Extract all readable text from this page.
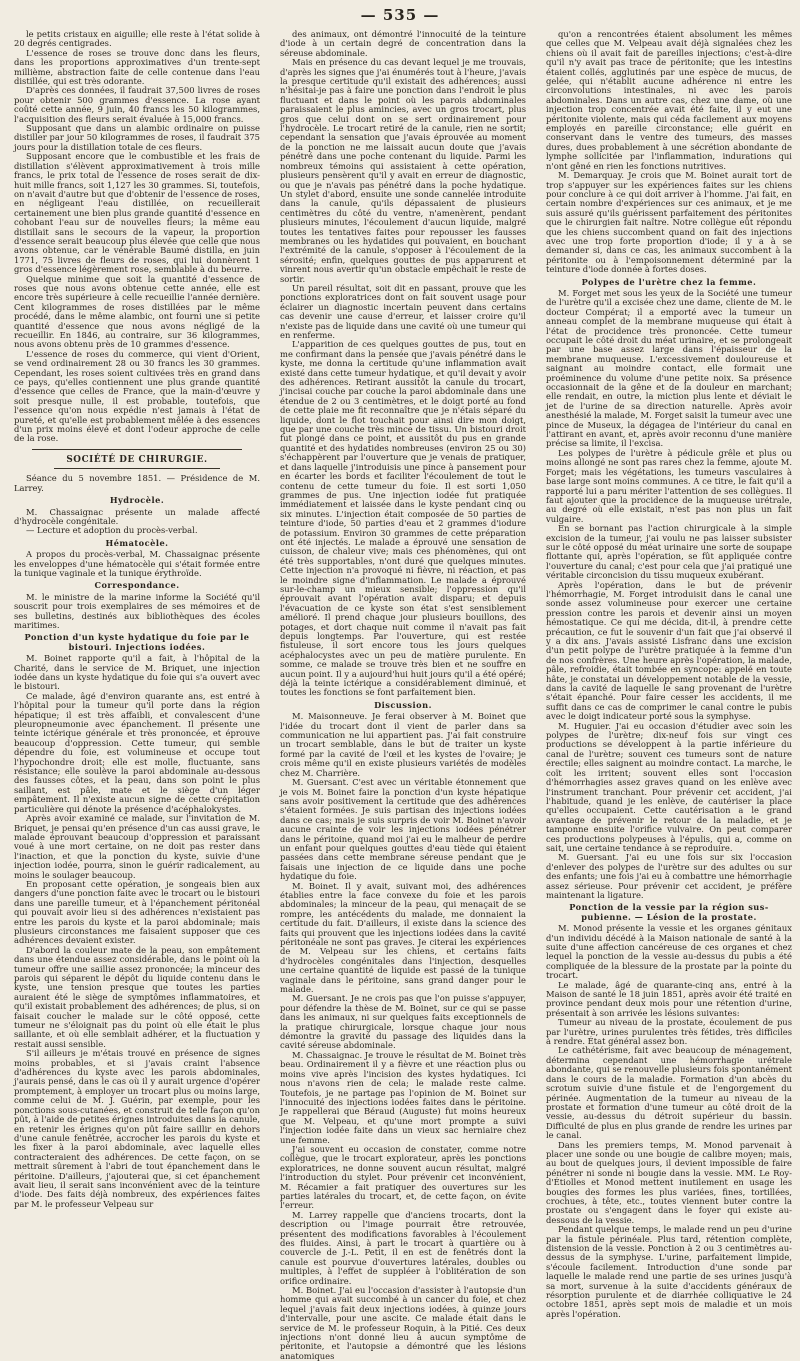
— 535 —

le petits cristaux en aiguille; elle reste à l'état solide à 20 degrés centigrades.

L'essence de roses se trouve donc dans les fleurs, dans les proportions approximatives d'un trente-sept millième, abstraction faite de celle contenue dans l'eau distillée, qui est très odorante.

D'après ces données, il faudrait 37,500 livres de roses pour obtenir 500 grammes d'essence. La rose ayant coûté cette année, 9 juin, 40 francs les 50 kilogrammes, l'acquisition des fleurs serait évaluée à 15,000 francs.

Supposant que dans un alambic ordinaire on puisse distiller par jour 50 kilogrammes de roses, il faudrait 375 jours pour la distillation totale de ces fleurs.

Supposant encore que le combustible et les frais de distillation s'élèvent approximativement à trois mille francs, le prix total de l'essence de roses serait de dix-huit mille francs, soit 1,127 les 30 grammes. Si, toutefois, on n'avait d'autre but que d'obtenir de l'essence de roses, en négligeant l'eau distillée, on recueillerait certainement une bien plus grande quantité d'essence en cohobant l'eau sur de nouvelles fleurs; la même eau distillait sans le secours de la vapeur, la proportion d'essence serait beaucoup plus élevée que celle que nous avons obtenue, car le vénérable Baumé distilla, en juin 1771, 75 livres de fleurs de roses, qui lui donnèrent 1 gros d'essence légèrement rose, semblable à du beurre.

Quelque minime que soit la quantité d'essence de roses que nous avons obtenue cette année, elle est encore très supérieure à celle recueillie l'année dernière. Cent kilogrammes de roses distillées par le même procédé, dans le même alambic, ont fourni une si petite quantité d'essence que nous avons négligé de la recueillir. En 1846, au contraire, sur 36 kilogrammes, nous avons obtenu près de 10 grammes d'essence.

L'essence de roses du commerce, qui vient d'Orient, se vend ordinairement 28 ou 30 francs les 30 grammes. Cependant, les roses soient cultivées très en grand dans ce pays, qu'elles contiennent une plus grande quantité d'essence que celles de France, que la main-d'œuvre y soit presque nulle, il est probable, toutefois, que l'essence qu'on nous expédie n'est jamais à l'état de pureté, et qu'elle est probablement mêlée à des essences d'un prix moins élevé et dont l'odeur approche de celle de la rose.

SOCIÉTÉ DE CHIRURGIE.

Séance du 5 novembre 1851. — Présidence de M. Larrey.

Hydrocèle.

M. Chassaignac présente un malade affecté d'hydrocèle congénitale.

— Lecture et adoption du procès-verbal.

Hématocèle.

A propos du procès-verbal, M. Chassaignac présente les enveloppes d'une hématocèle qui s'était formée entre la tunique vaginale et la tunique érythroïde.

Correspondance.

M. le ministre de la marine informe la Société qu'il souscrit pour trois exemplaires de ses mémoires et de ses bulletins, destinés aux bibliothèques des écoles maritimes.

Ponction d'un kyste hydatique du foie par le bistouri. Injections iodées.

M. Boinet rapporte qu'il a fait, à l'hôpital de la Charité, dans le service de M. Briquet, une injection iodée dans un kyste hydatique du foie qui s'a ouvert avec le bistouri.

Ce malade, âgé d'environ quarante ans, est entré à l'hôpital pour la tumeur qu'il porte dans la région hépatique; il est très affaibli, et convalescent d'une pleuropneumonie avec épanchement. Il présente une teinte ictérique générale et très prononcée, et éprouve beaucoup d'oppression. Cette tumeur, qui semble dépendre du foie, est volumineuse et occupe tout l'hypochondre droit; elle est molle, fluctuante, sans résistance; elle soulève la paroi abdominale au-dessous des fausses côtes, et la peau, dans son point le plus saillant, est pâle, mate et le siège d'un léger empâtement. Il n'existe aucun signe de cette crépitation particulière qui dénote la présence d'acéphalokystes.

Après avoir examiné ce malade, sur l'invitation de M. Briquet, je pensai qu'en présence d'un cas aussi grave, le malade éprouvant beaucoup d'oppression et paraissant voué à une mort certaine, on ne doit pas rester dans l'inaction, et que la ponction du kyste, suivie d'une injection iodée, pourra, sinon le guérir radicalement, au moins le soulager beaucoup.

En proposant cette opération, je songeais bien aux dangers d'une ponction faite avec le trocart ou le bistouri dans une pareille tumeur, et à l'épanchement péritonéal qui pouvait avoir lieu si des adhérences n'existaient pas entre les parois du kyste et la paroi abdominale; mais plusieurs circonstances me faisaient supposer que ces adhérences devaient exister.

D'abord la couleur mate de la peau, son empâtement dans une étendue assez considérable, dans le point où la tumeur offre une saillie assez prononcée; la minceur des parois qui séparent le dépôt du liquide contenu dans le kyste, une tension presque que toutes les parties auraient été le siège de symptômes inflammatoires, et qu'il existait probablement des adhérences; de plus, si on faisait coucher le malade sur le côté opposé, cette tumeur ne s'éloignait pas du point où elle était le plus saillante, et où elle semblait adhérer, et la fluctuation y restait aussi sensible.

S'il ailleurs je m'étais trouvé en présence de signes moins probables, et si j'avais craint l'absence d'adhérences du kyste avec les parois abdominales, j'aurais pensé, dans le cas où il y aurait urgence d'opérer promptement, à employer un trocart plus ou moins large, comme celui de M. J. Guérin, par exemple, pour les ponctions sous-cutanées, et construit de telle façon qu'on pût, à l'aide de petites érignes introduites dans la canule, en retenir les érignes qu'on pût faire saillir en dehors d'une canule fenêtrée, accrocher les parois du kyste et les fixer à la paroi abdominale, avec laquelle elles contracteraient des adhérences. De cette façon, on se mettrait sûrement à l'abri de tout épanchement dans le péritoine. D'ailleurs, j'ajouterai que, si cet épanchement avait lieu, il serait sans inconvénient avec de la teinture d'iode. Des faits déjà nombreux, des expériences faites par M. le professeur Velpeau sur

des animaux, ont démontré l'innocuité de la teinture d'iode à un certain degré de concentration dans la séreuse abdominale.

Mais en présence du cas devant lequel je me trouvais, d'après les signes que j'ai énumérés tout à l'heure, j'avais la presque certitude qu'il existait des adhérences; aussi n'hésitai-je pas à faire une ponction dans l'endroit le plus fluctuant et dans le point où les parois abdominales paraissaient le plus amincies, avec un gros trocart, plus gros que celui dont on se sert ordinairement pour l'hydrocèle. Le trocart retiré de la canule, rien ne sortit; cependant la sensation que j'avais éprouvée au moment de la ponction ne me laissait aucun doute que j'avais pénétré dans une poche contenant du liquide. Parmi les nombreux témoins qui assistaient à cette opération, plusieurs pensèrent qu'il y avait en erreur de diagnostic, ou que je n'avais pas pénétré dans la poche hydatique. Un stylet d'abord, ensuite une sonde cannelée introduite dans la canule, qu'ils dépassaient de plusieurs centimètres du côté du ventre, n'amenèrent, pendant plusieurs minutes, l'écoulement d'aucun liquide, malgré toutes les tentatives faites pour repousser les fausses membranes ou les hydatides qui pouvaient, en bouchant l'extrémité de la canule, s'opposer à l'écoulement de la sérosité; enfin, quelques gouttes de pus apparurent et vinrent nous avertir qu'un obstacle empêchait le reste de sortir.

Un pareil résultat, soit dit en passant, prouve que les ponctions exploratrices dont on fait souvent usage pour éclairer un diagnostic incertain peuvent dans certains cas devenir une cause d'erreur, et laisser croire qu'il n'existe pas de liquide dans une cavité où une tumeur qui en renferme.

L'apparition de ces quelques gouttes de pus, tout en me confirmant dans la pensée que j'avais pénétré dans le kyste, me donna la certitude qu'une inflammation avait existé dans cette tumeur hydatique, et qu'il devait y avoir des adhérences. Retirant aussitôt la canule du trocart, j'incisai couche par couche la paroi abdominale dans une étendue de 2 ou 3 centimètres, et le doigt porté au fond de cette plaie me fit reconnaître que je n'étais séparé du liquide, dont le flot touchait pour ainsi dire mon doigt, que par une couche très mince de tissu. Un bistouri droit fut plongé dans ce point, et aussitôt du pus en grande quantité et des hydatides nombreuses (environ 25 ou 30) s'échappèrent par l'ouverture que je venais de pratiquer, et dans laquelle j'introduisis une pince à pansement pour en écarter les bords et faciliter l'écoulement de tout le contenu de cette tumeur du foie. Il est sorti 1,050 grammes de pus. Une injection iodée fut pratiquée immédiatement et laissée dans le kyste pendant cinq ou six minutes. L'injection était composée de 50 parties de teinture d'iode, 50 parties d'eau et 2 grammes d'iodure de potassium. Environ 30 grammes de cette préparation ont été injectés. Le malade a éprouvé une sensation de cuisson, de chaleur vive; mais ces phénomènes, qui ont été très supportables, n'ont duré que quelques minutes. Cette injection n'a provoqué ni fièvre, ni réaction, et pas le moindre signe d'inflammation. Le malade a éprouvé sur-le-champ un mieux sensible; l'oppression qu'il éprouvait avant l'opération avait disparu; et depuis l'évacuation de ce kyste son état s'est sensiblement amélioré. Il prend chaque jour plusieurs bouillons, des potages, et dort chaque nuit comme il n'avait pas fait depuis longtemps. Par l'ouverture, qui est restée fistuleuse, il sort encore tous les jours quelques acéphalocystes avec un peu de matière purulente. En somme, ce malade se trouve très bien et ne souffre en aucun point. Il y a aujourd'hui huit jours qu'il a été opéré; déjà la teinte ictérique a considérablement diminué, et toutes les fonctions se font parfaitement bien.

Discussion.

M. Maisonneuve. Je ferai observer à M. Boinet que l'idée du trocart dont il vient de parler dans sa communication ne lui appartient pas. J'ai fait construire un trocart semblable, dans le but de traiter un kyste formé par la cavité de l'œil et les kystes de l'ovaire; je crois même qu'il en existe plusieurs variétés de modèles chez M. Charrière.

M. Guersant. C'est avec un véritable étonnement que je vois M. Boinet faire la ponction d'un kyste hépatique sans avoir positivement la certitude que des adhérences s'étaient formées. Je suis partisan des injections iodées dans ce cas; mais je suis surpris de voir M. Boinet n'avoir aucune crainte de voir les injections iodées pénétrer dans le péritoine, quand moi j'ai eu le malheur de perdre un enfant pour quelques gouttes d'eau tiède qui étaient passées dans cette membrane séreuse pendant que je faisais une injection de ce liquide dans une poche hydatique du foie.

M. Boinet. Il y avait, suivant moi, des adhérences établies entre la face convexe du foie et les parois abdominales; la minceur de la peau, qui menaçait de se rompre, les antécédents du malade, me donnaient la certitude du fait. D'ailleurs, il existe dans la science des faits qui prouvent que les injections iodées dans la cavité péritonéale ne sont pas graves. Je citerai les expériences de M. Velpeau sur les chiens, et certains faits d'hydrocèles congénitales dans l'injection, desquelles une certaine quantité de liquide est passé de la tunique vaginale dans le péritoine, sans grand danger pour le malade.

M. Guersant. Je ne crois pas que l'on puisse s'appuyer, pour défendre la thèse de M. Boinet, sur ce qui se passe dans les animaux, ni sur quelques faits exceptionnels de la pratique chirurgicale, lorsque chaque jour nous démontre la gravité du passage des liquides dans la cavité séreuse abdominale.

M. Chassaignac. Je trouve le résultat de M. Boinet très beau. Ordinairement il y a fièvre et une réaction plus ou moins vive après l'incision des kystes hydatiques. Ici nous n'avons rien de cela; le malade reste calme. Toutefois, je ne partage pas l'opinion de M. Boinet sur l'innocuité des injections iodées faites dans le péritoine. Je rappellerai que Béraud (Auguste) fut moins heureux que M. Velpeau, et qu'une mort prompte a suivi l'injection iodée faite dans un vieux sac herniaire chez une femme.

J'ai souvent eu occasion de constater, comme notre collègue, que le trocart explorateur, après les ponctions exploratrices, ne donne souvent aucun résultat, malgré l'introduction du stylet. Pour prévenir cet inconvénient, M. Récamier a fait pratiquer des ouvertures sur les parties latérales du trocart, et, de cette façon, on évite l'erreur.

M. Larrey rappelle que d'anciens trocarts, dont la description ou l'image pourrait être retrouvée, présentent des modifications favorables à l'écoulement des fluides. Ainsi, à part le trocart à quartière ou à couvercle de J.-L. Petit, il en est de fenêtrés dont la canule est pourvue d'ouvertures latérales, doubles ou multiples, à l'effet de suppléer à l'oblitération de son orifice ordinaire.

M. Boinet. J'ai eu l'occasion d'assister à l'autopsie d'un homme qui avait succombé à un cancer du foie, et chez lequel j'avais fait deux injections iodées, à quinze jours d'intervalle, pour une ascite. Ce malade était dans le service de M. le professeur Roquin, à la Pitié. Ces deux injections n'ont donné lieu à aucun symptôme de péritonite, et l'autopsie a démontré que les lésions anatomiques

qu'on a rencontrées étaient absolument les mêmes que celles que M. Velpeau avait déjà signalées chez les chiens où il avait fait de pareilles injections; c'est-à-dire qu'il n'y avait pas trace de péritonite; que les intestins étaient collés, agglutinés par une espèce de mucus, de gelée, qui n'établit aucune adhérence ni entre les circonvolutions intestinales, ni avec les parois abdominales. Dans un autre cas, chez une dame, où une injection trop concentrée avait été faite, il y eut une péritonite violente, mais qui céda facilement aux moyens employés en pareille circonstance; elle guérit en conservant dans le ventre des tumeurs, des masses dures, dues probablement à une sécrétion abondante de lymphe sollicitée par l'inflammation, indurations qui n'ont gêné en rien les fonctions nutritives.

M. Demarquay. Je crois que M. Boinet aurait tort de trop s'appuyer sur les expériences faites sur les chiens pour conclure à ce qui doit arriver à l'homme. J'ai fait, en certain nombre d'expériences sur ces animaux, et je me suis assuré qu'ils guérissent parfaitement des péritonites que le chirurgien fait naître. Notre collègue eût répondu que les chiens succombent quand on fait des injections avec une trop forte proportion d'iode; il y a à se demander si, dans ce cas, les animaux succombent à la péritonite ou à l'empoisonnement déterminé par la teinture d'iode donnée à fortes doses.

Polypes de l'urètre chez la femme.

M. Forget met sous les yeux de la Société une tumeur de l'urètre qu'il a excisée chez une dame, cliente de M. le docteur Compérat; il a emporté avec la tumeur un anneau complet de la membrane muqueuse qui était à l'état de procidence très prononcée. Cette tumeur occupait le côté droit du méat urinaire, et se prolongeait par une base assez large dans l'épaisseur de la membrane muqueuse. L'excessivement douloureuse et saignant au moindre contact, elle formait une proéminence du volume d'une petite noix. Sa présence occasionnait de la gêne et de la douleur en marchant; elle rendait, en outre, la miction plus lente et déviait le jet de l'urine de sa direction naturelle. Après avoir anesthésié la malade, M. Forget saisit la tumeur avec une pince de Museux, la dégagea de l'intérieur du canal en l'attirant en avant, et, après avoir reconnu d'une manière précise sa limite, il l'excisa.

Les polypes de l'urètre à pédicule grêle et plus ou moins allongé ne sont pas rares chez la femme, ajoute M. Forget; mais les végétations, les tumeurs vasculaires à base large sont moins communes. A ce titre, le fait qu'il a rapporté lui a paru mériter l'attention de ses collègues. Il faut ajouter que la procidence de la muqueuse urétrale, au degré où elle existait, n'est pas non plus un fait vulgaire.

En se bornant pas l'action chirurgicale à la simple excision de la tumeur, j'ai voulu ne pas laisser subsister sur le côté opposé du méat urinaire une sorte de soupape flottante qui, après l'opération, se fût appliquée contre l'ouverture du canal; c'est pour cela que j'ai pratiqué une véritable circoncision du tissu muqueux exubérant.

Après l'opération, dans le but de prévenir l'hémorrhagie, M. Forget introduisit dans le canal une sonde assez volumineuse pour exercer une certaine pression contre les parois et devenir ainsi un moyen hémostatique. Ce qui me décida, dit-il, à prendre cette précaution, ce fut le souvenir d'un fait que j'ai observé il y a dix ans. J'avais assisté Lisfranc dans une excision d'un petit polype de l'urètre pratiquée à la femme d'un de nos confrères. Une heure après l'opération, la malade, pâle, refroidie, était tombée en syncope: appelé en toute hâte, je constatai un développement notable de la vessie, dans la cavité de laquelle le sang provenant de l'urètre s'était épanché. Pour faire cesser les accidents, il me suffit dans ce cas de comprimer le canal contre le pubis avec le doigt indicateur porté sous la symphyse.

M. Huguier. J'ai eu occasion d'étudier avec soin les polypes de l'urètre; dix-neuf fois sur vingt ces productions se développent à la partie inférieure du canal de l'urètre; souvent ces tumeurs sont de nature érectile; elles saignent au moindre contact. La marche, le coït les irritent; souvent elles sont l'occasion d'hémorrhagies assez graves quand on les enlève avec l'instrument tranchant. Pour prévenir cet accident, j'ai l'habitude, quand je les enlève, de cautériser la place qu'elles occupaient. Cette cautérisation a le grand avantage de prévenir le retour de la maladie, et je tamponne ensuite l'orifice vulvaire. On peut comparer ces productions polypeuses à l'épulis, qui a, comme on sait, une certaine tendance à se reproduire.

M. Guersant. J'ai eu une fois sur six l'occasion d'enlever des polypes de l'urètre sur des adultes ou sur des enfants; une fois j'ai eu à combattre une hémorrhagie assez sérieuse. Pour prévenir cet accident, je préfère maintenant la ligature.

Ponction de la vessie par la région sus-pubienne. — Lésion de la prostate.

M. Monod présente la vessie et les organes génitaux d'un individu décédé à la Maison nationale de santé à la suite d'une affection cancéreuse de ces organes et chez lequel la ponction de la vessie au-dessus du pubis a été compliquée de la blessure de la prostate par la pointe du trocart.

Le malade, âgé de quarante-cinq ans, entré à la Maison de santé le 18 juin 1851, après avoir été traité en province pendant deux mois pour une rétention d'urine, présentait à son arrivée les lésions suivantes:

Tumeur au niveau de la prostate, écoulement de pus par l'urètre, urines purulentes très fétides, très difficiles à rendre. État général assez bon.

Le cathétérisme, fait avec beaucoup de ménagement, détermina cependant une hémorrhagie urétrale abondante, qui se renouvelle plusieurs fois spontanément dans le cours de la maladie. Formation d'un abcès du scrotum suivie d'une fistule et de l'engorgement du périnée. Augmentation de la tumeur au niveau de la prostate et formation d'une tumeur au côté droit de la vessie, au-dessus du détroit supérieur du bassin. Difficulté de plus en plus grande de rendre les urines par le canal.

Dans les premiers temps, M. Monod parvenait à placer une sonde ou une bougie de calibre moyen; mais, au bout de quelques jours, il devient impossible de faire pénétrer ni sonde ni bougie dans la vessie. MM. Le Roy-d'Étiolles et Monod mettent inutilement en usage les bougies des formes les plus variées, fines, tortillées, crochues, à tête, etc., toutes viennent buter contre la prostate ou s'engagent dans le foyer qui existe au-dessous de la vessie.

Pendant quelque temps, le malade rend un peu d'urine par la fistule périnéale. Plus tard, rétention complète, distension de la vessie. Ponction à 2 ou 3 centimètres au-dessus de la symphyse. L'urine, parfaitement limpide, s'écoule facilement. Introduction d'une sonde par laquelle le malade rend une partie de ses urines jusqu'à sa mort, survenue à la suite d'accidents généraux de résorption purulente et de diarrhée colliquative le 24 octobre 1851, après sept mois de maladie et un mois après l'opération.
